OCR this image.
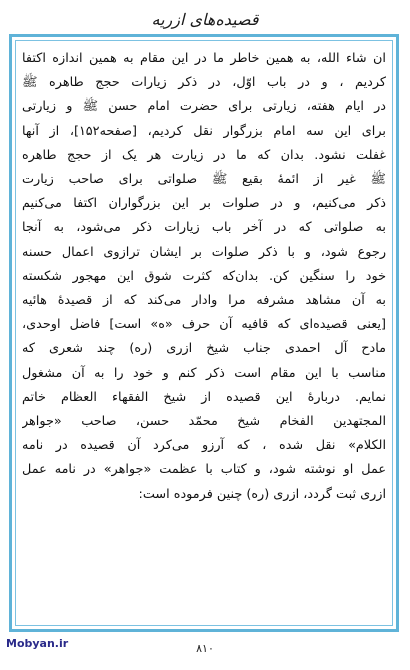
قصیده‌ها‌ی‌ ازریه
ان شاء الله، به همین خاطر ما در این مقام به همین اندازه اکتفا
کردیم ، و در باب اوّل، در ذکر زیارات حجج طاهره ﷺ
در ایام هفته، زیارتی برای حضرت امام حسن ﷺ و زیارتی
برای این سه امام بزرگوار نقل کردیم، [صفحه۱۵۲]، از آنها
غفلت نشود. بدان که ما در زیارت هر یک از حجج طاهره
ﷺ غیر از ائمهٔ بقیع ﷺ صلواتی برای صاحب زیارت
ذکر می‌کنیم، و در صلوات بر این بزرگواران اکتفا می‌کنیم
به صلواتی که در آخر باب زیارات ذکر می‌شود، به آنجا
رجوع شود، و با ذکر صلوات بر ایشان ترازوی اعمال حسنه
خود را سنگین کن. بدان‌که کثرت شوق این مهجور شکسته
به آن مشاهد مشرفه مرا وادار می‌کند که از قصیدهٔ هائیه
[یعنی قصیده‌ای که قافیه آن حرف «ه» است] فاضل اوحدی،
مادح آل احمدی جناب شیخ ازری (ره) چند شعری که
مناسب با این مقام است ذکر کنم و خود را به آن مشغول
نمایم. دربارهٔ این قصیده از شیخ الفقهاء العظام خاتم
المجتهدین الفخام شیخ محمّد حسن، صاحب «جواهر
الکلام» نقل شده ، که آرزو می‌کرد آن قصیده در نامه
عمل او نوشته شود، و کتاب با عظمت «جواهر» در نامه عمل
ازری ثبت گردد، ازری (ره) چنین فرموده است:
Mobyan.ir	۸۱۰
